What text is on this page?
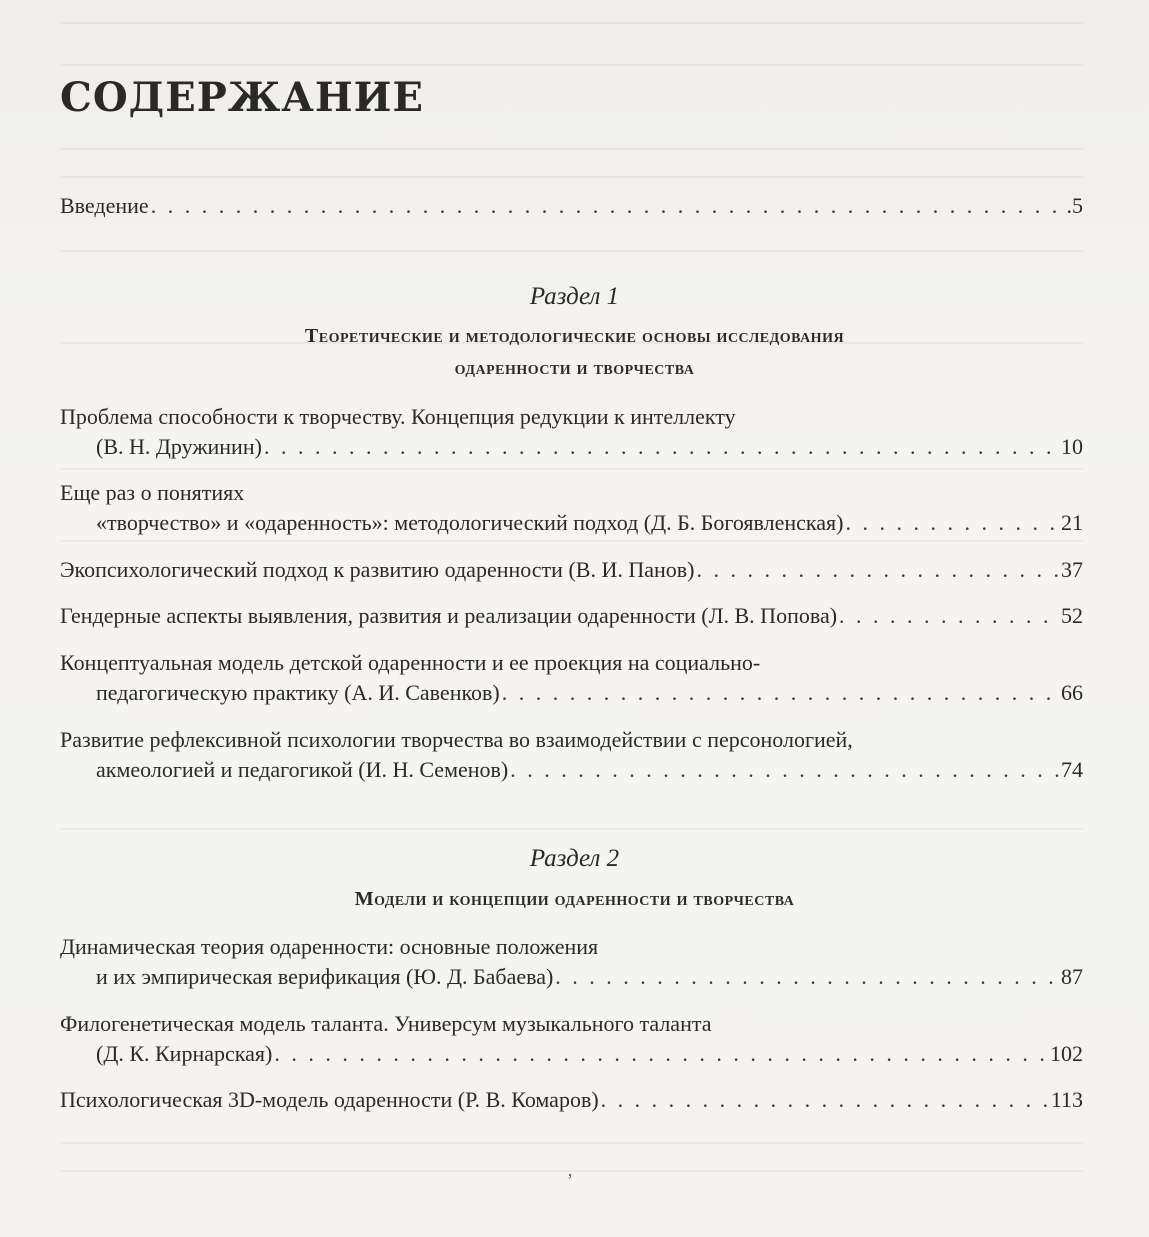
СОДЕРЖАНИЕ
Введение . . .	.5
Раздел 1
Теоретические и методологические основы исследования
одаренности и творчества
Проблема способности к творчеству. Концепция редукции к интеллекту
(В. Н. Дружинин) . . .	10
Еще раз о понятиях
«творчество» и «одаренность»: методологический подход (Д. Б. Богоявленская) . . .	21
Экопсихологический подход к развитию одаренности (В. И. Панов) . . .	37
Гендерные аспекты выявления, развития и реализации одаренности (Л. В. Попова) . . .	52
Концептуальная модель детской одаренности и ее проекция на социально-
педагогическую практику (А. И. Савенков) . . .	66
Развитие рефлексивной психологии творчества во взаимодействии с персонологией,
акмеологией и педагогикой (И. Н. Семенов) . . .	74
Раздел 2
Модели и концепции одаренности и творчества
Динамическая теория одаренности: основные положения
и их эмпирическая верификация (Ю. Д. Бабаева) . . .	87
Филогенетическая модель таланта. Универсум музыкального таланта
(Д. К. Кирнарская) . . .	102
Психологическая 3D-модель одаренности (Р. В. Комаров) . . .	113
ʼ
